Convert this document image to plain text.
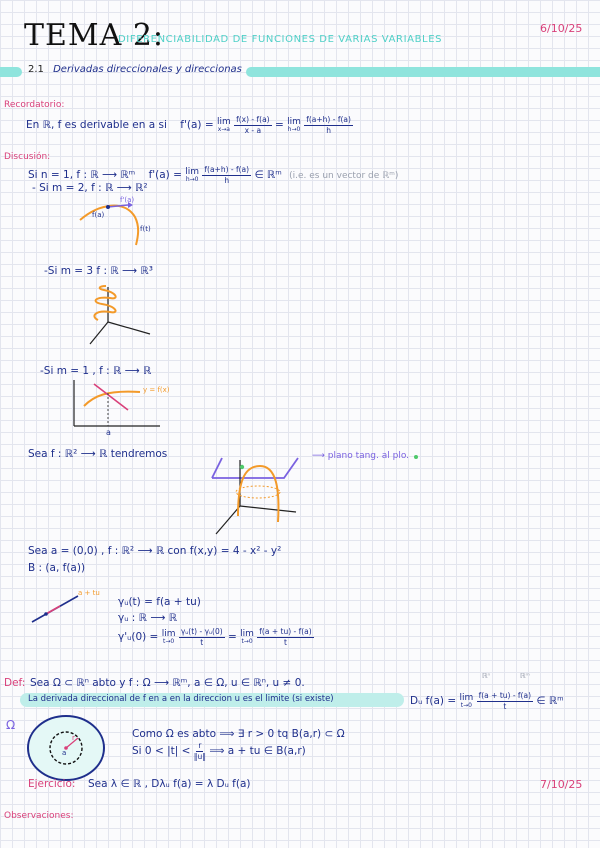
TEMA 2:
DIFERENCIABILIDAD DE FUNCIONES DE VARIAS VARIABLES
6/10/25
2.1 Derivadas direccionales y direccionas
Recordatorio:
En ℝ, f es derivable en a si f'(a) = lim
x→a
$\frac{f(x) - f(a)}{x - a} = \lim$
h→0
$\frac{f(a+h) - f(a)}{h}$
Discusión:
Si n = 1, f : ℝ ⟶ ℝᵐ f'(a) = lim
h→0
$\frac{f(a+h) - f(a)}{h}$ ∈ ℝᵐ (i.e. es un vector de ℝᵐ)
- Si m = 2, f : ℝ ⟶ ℝ²
f'(a)
f(a)
f(t)
-Si m = 3 f : ℝ ⟶ ℝ³
-Si m = 1 , f : ℝ ⟶ ℝ
y = f(x)
a
Sea f : ℝ² ⟶ ℝ tendremos	⟶ plano tang. al plo.
Sea a = (0,0) , f : ℝ² ⟶ ℝ con f(x,y) = 4 - x² - y²
B : (a, f(a))
a + tu
γᵤ(t) = f(a + tu)
γᵤ : ℝ ⟶ ℝ
γ'ᵤ(0) = lim
t→0
$\frac{\text{γᵤ(t) - γᵤ(0)}}{t} = \lim$
t→0
$\frac{f(a + tu) - f(a)}{t}$
Def: Sea Ω ⊂ ℝⁿ abto y f : Ω ⟶ ℝᵐ, a ∈ Ω, u ∈ ℝⁿ, u ≠ 0.
ℝⁿ	ℝᵐ
La derivada direccional de f en a en la direccion u es el limite (si existe)	Dᵤ f(a) = lim
t→0
$\frac{f(a + tu) - f(a)}{t}$ ∈ ℝᵐ
Ω
a
r	Como Ω es abto ⟹ ∃ r > 0 tq B(a,r) ⊂ Ω
Si $0 < |t| < \frac{r}{‖u‖}$ ⟹ a + tu ∈ B(a,r)
Ejercicio: Sea λ ∈ ℝ , Dλᵤ f(a) = λ Dᵤ f(a)	7/10/25
Observaciones:
